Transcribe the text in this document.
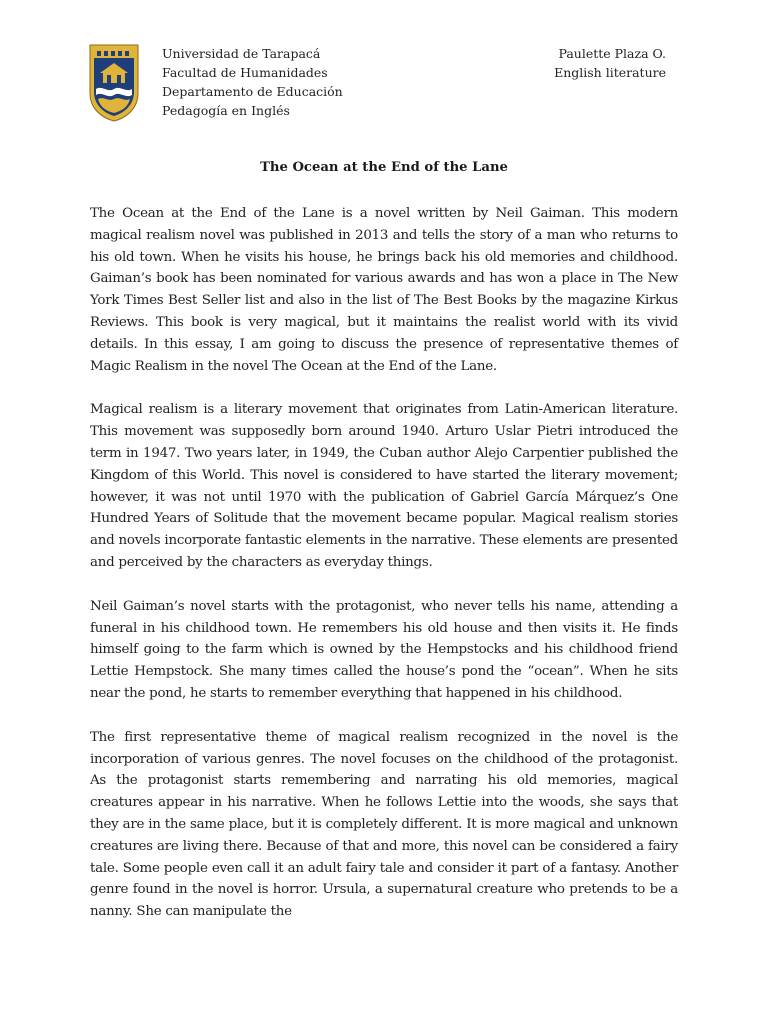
Universidad de Tarapacá
Facultad de Humanidades
Departamento de Educación
Pedagogía en Inglés
Paulette Plaza O.
English literature
The Ocean at the End of the Lane

The Ocean at the End of the Lane is a novel written by Neil Gaiman. This modern magical realism novel was published in 2013 and tells the story of a man who returns to his old town. When he visits his house, he brings back his old memories and childhood. Gaiman’s book has been nominated for various awards and has won a place in The New York Times Best Seller list and also in the list of The Best Books by the magazine Kirkus Reviews. This book is very magical, but it maintains the realist world with its vivid details. In this essay, I am going to discuss the presence of representative themes of Magic Realism in the novel The Ocean at the End of the Lane.

Magical realism is a literary movement that originates from Latin-American literature. This movement was supposedly born around 1940. Arturo Uslar Pietri introduced the term in 1947. Two years later, in 1949, the Cuban author Alejo Carpentier published the Kingdom of this World. This novel is considered to have started the literary movement; however, it was not until 1970 with the publication of Gabriel García Márquez’s One Hundred Years of Solitude that the movement became popular. Magical realism stories and novels incorporate fantastic elements in the narrative. These elements are presented and perceived by the characters as everyday things.

Neil Gaiman’s novel starts with the protagonist, who never tells his name, attending a funeral in his childhood town. He remembers his old house and then visits it. He finds himself going to the farm which is owned by the Hempstocks and his childhood friend Lettie Hempstock. She many times called the house’s pond the “ocean”. When he sits near the pond, he starts to remember everything that happened in his childhood.

The first representative theme of magical realism recognized in the novel is the incorporation of various genres. The novel focuses on the childhood of the protagonist. As the protagonist starts remembering and narrating his old memories, magical creatures appear in his narrative. When he follows Lettie into the woods, she says that they are in the same place, but it is completely different. It is more magical and unknown creatures are living there. Because of that and more, this novel can be considered a fairy tale. Some people even call it an adult fairy tale and consider it part of a fantasy. Another genre found in the novel is horror. Ursula, a supernatural creature who pretends to be a nanny. She can manipulate the
